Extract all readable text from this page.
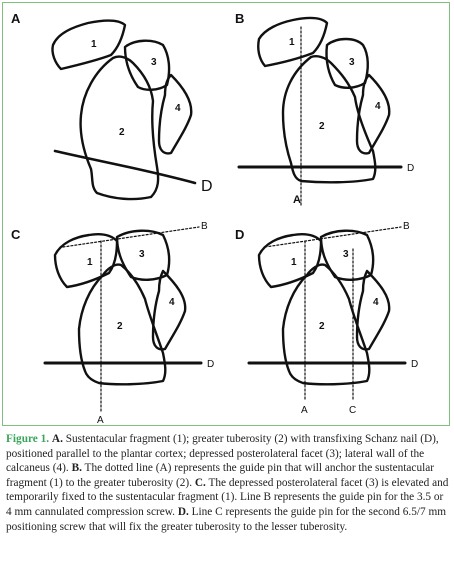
A
1
2
3
4
D
B
1
2
3
4
D
A
C
1
2
3
4
B
D
A
D
1
2
3
4
B
D
A	C
Figure 1. A. Sustentacular fragment (1); greater tuberosity (2) with transfixing Schanz nail (D), positioned parallel to the plantar cortex; depressed posterolateral facet (3); lateral wall of the calcaneus (4). B. The dotted line (A) represents the guide pin that will anchor the sustentacular fragment (1) to the greater tuberosity (2). C. The depressed posterolateral facet (3) is elevated and temporarily fixed to the sustentacular fragment (1). Line B represents the guide pin for the 3.5 or 4 mm cannulated compression screw. D. Line C represents the guide pin for the second 6.5/7 mm positioning screw that will fix the greater tuberosity to the lesser tuberosity.
